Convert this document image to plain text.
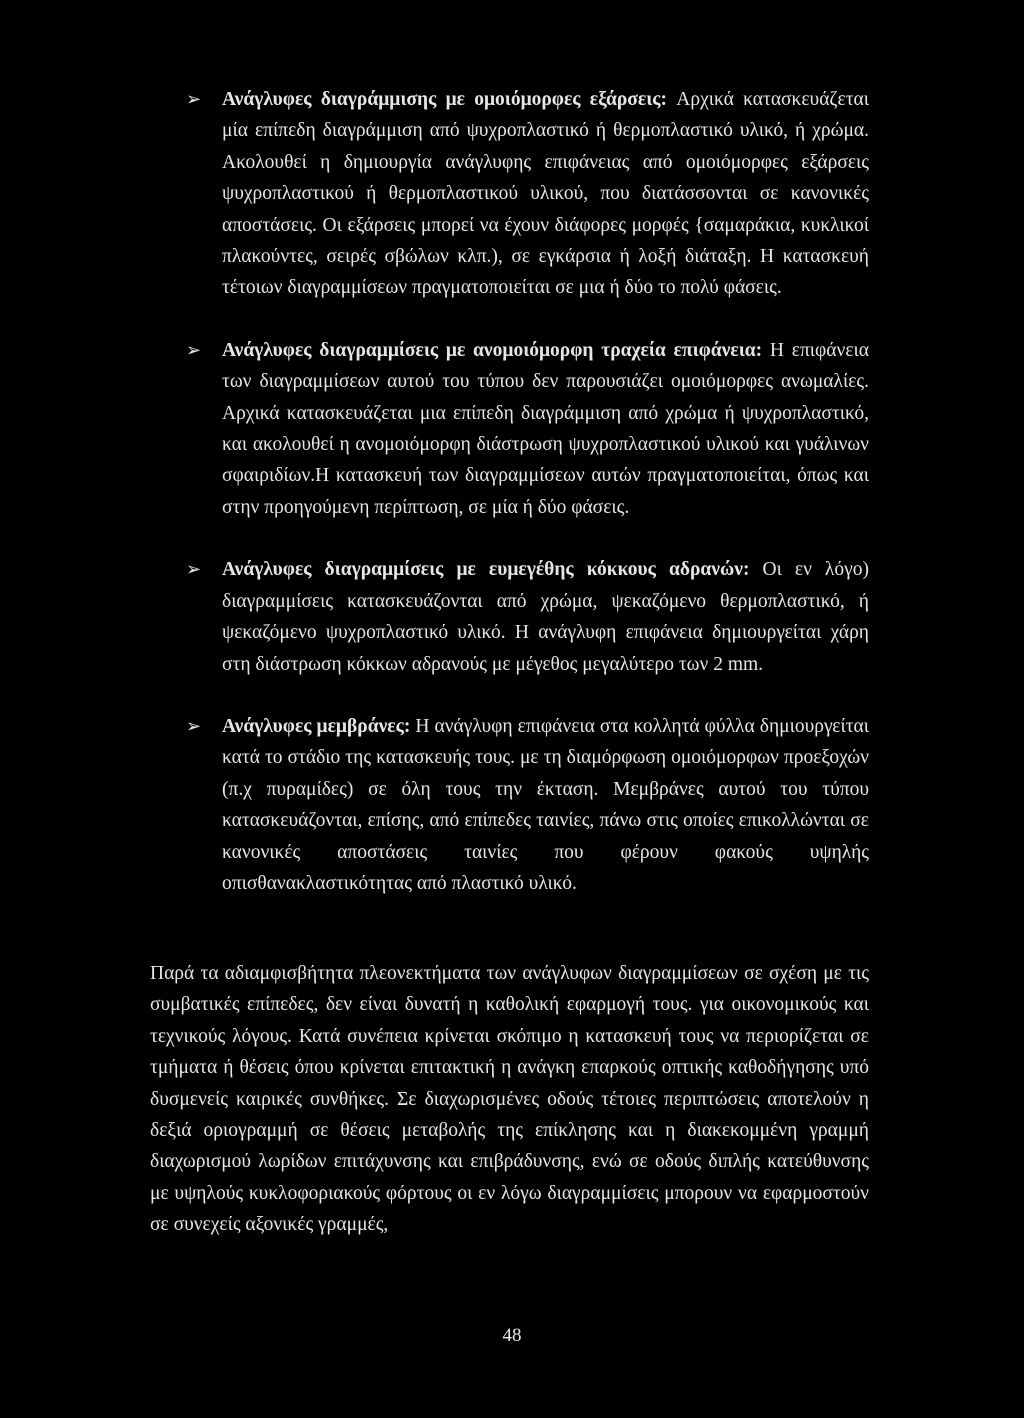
➢	Ανάγλυφες διαγράμμισης με ομοιόμορφες εξάρσεις: Αρχικά κατασκευάζεται μία επίπεδη διαγράμμιση από ψυχροπλαστικό ή θερμοπλαστικό υλικό, ή χρώμα. Ακολουθεί η δημιουργία ανάγλυφης επιφάνειας από ομοιόμορφες εξάρσεις ψυχροπλαστικού ή θερμοπλαστικού υλικού, που διατάσσονται σε κανονικές αποστάσεις. Οι εξάρσεις μπορεί να έχουν διάφορες μορφές {σαμαράκια, κυκλικοί πλακούντες, σειρές σβώλων κλπ.), σε εγκάρσια ή λοξή διάταξη. Η κατασκευή τέτοιων διαγραμμίσεων πραγματοποιείται σε μια ή δύο το πολύ φάσεις.
➢	Ανάγλυφες διαγραμμίσεις με ανομοιόμορφη τραχεία επιφάνεια: Η επιφάνεια των διαγραμμίσεων αυτού του τύπου δεν παρουσιάζει ομοιόμορφες ανωμαλίες. Αρχικά κατασκευάζεται μια επίπεδη διαγράμμιση από χρώμα ή ψυχροπλαστικό, και ακολουθεί η ανομοιόμορφη διάστρωση ψυχροπλαστικού υλικού και γυάλινων σφαιριδίων.Η κατασκευή των διαγραμμίσεων αυτών πραγματοποιείται, όπως και στην προηγούμενη περίπτωση, σε μία ή δύο φάσεις.
➢	Ανάγλυφες διαγραμμίσεις με ευμεγέθης κόκκους αδρανών: Οι εν λόγο) διαγραμμίσεις κατασκευάζονται από χρώμα, ψεκαζόμενο θερμοπλαστικό, ή ψεκαζόμενο ψυχροπλαστικό υλικό. Η ανάγλυφη επιφάνεια δημιουργείται χάρη στη διάστρωση κόκκων αδρανούς με μέγεθος μεγαλύτερο των 2 mm.
➢	Ανάγλυφες μεμβράνες: Η ανάγλυφη επιφάνεια στα κολλητά φύλλα δημιουργείται κατά το στάδιο της κατασκευής τους. με τη διαμόρφωση ομοιόμορφων προεξοχών (π.χ πυραμίδες) σε όλη τους την έκταση. Μεμβράνες αυτού του τύπου κατασκευάζονται, επίσης, από επίπεδες ταινίες, πάνω στις οποίες επικολλώνται σε κανονικές αποστάσεις ταινίες που φέρουν φακούς υψηλής οπισθανακλαστικότητας από πλαστικό υλικό.

Παρά τα αδιαμφισβήτητα πλεονεκτήματα των ανάγλυφων διαγραμμίσεων σε σχέση με τις συμβατικές επίπεδες, δεν είναι δυνατή η καθολική εφαρμογή τους. για οικονομικούς και τεχνικούς λόγους. Κατά συνέπεια κρίνεται σκόπιμο η κατασκευή τους να περιορίζεται σε τμήματα ή θέσεις όπου κρίνεται επιτακτική η ανάγκη επαρκούς οπτικής καθοδήγησης υπό δυσμενείς καιρικές συνθήκες. Σε διαχωρισμένες οδούς τέτοιες περιπτώσεις αποτελούν η δεξιά οριογραμμή σε θέσεις μεταβολής της επίκλησης και η διακεκομμένη γραμμή διαχωρισμού λωρίδων επιτάχυνσης και επιβράδυνσης, ενώ σε οδούς διπλής κατεύθυνσης με υψηλούς κυκλοφοριακούς φόρτους οι εν λόγω διαγραμμίσεις μπορουν να εφαρμοστούν σε συνεχείς αξονικές γραμμές,

48
